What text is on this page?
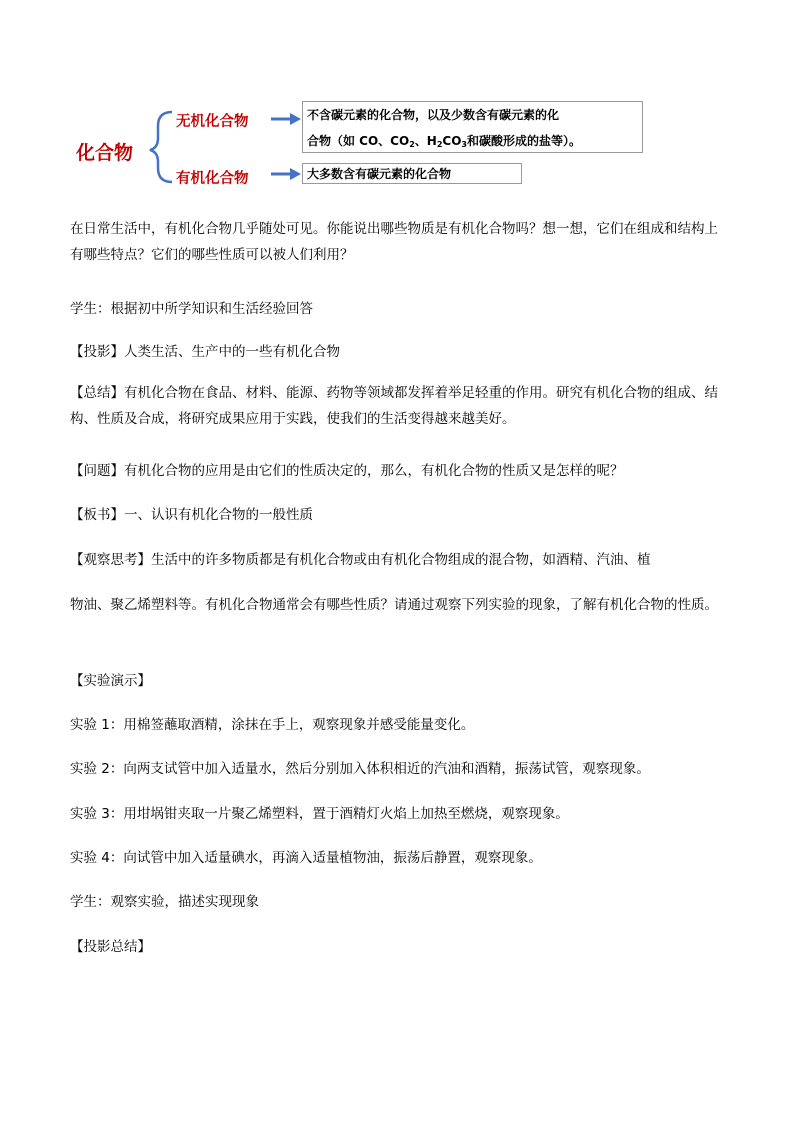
化合物
无机化合物
有机化合物
不含碳元素的化合物，以及少数含有碳元素的化
合物（如 CO、$CO_2$、$H_2CO_3$和碳酸形成的盐等）。
大多数含有碳元素的化合物
在日常生活中，有机化合物几乎随处可见。你能说出哪些物质是有机化合物吗？想一想，它们在组成和结构上有哪些特点？它们的哪些性质可以被人们利用？
学生：根据初中所学知识和生活经验回答
【投影】人类生活、生产中的一些有机化合物
【总结】有机化合物在食品、材料、能源、药物等领域都发挥着举足轻重的作用。研究有机化合物的组成、结构、性质及合成，将研究成果应用于实践，使我们的生活变得越来越美好。
【问题】有机化合物的应用是由它们的性质决定的，那么，有机化合物的性质又是怎样的呢？
【板书】一、认识有机化合物的一般性质
【观察思考】生活中的许多物质都是有机化合物或由有机化合物组成的混合物，如酒精、汽油、植
物油、聚乙烯塑料等。有机化合物通常会有哪些性质？请通过观察下列实验的现象，了解有机化合物的性质。
【实验演示】
实验 1：用棉签蘸取酒精，涂抹在手上，观察现象并感受能量变化。
实验 2：向两支试管中加入适量水，然后分别加入体积相近的汽油和酒精，振荡试管，观察现象。
实验 3：用坩埚钳夹取一片聚乙烯塑料，置于酒精灯火焰上加热至燃烧，观察现象。
实验 4：向试管中加入适量碘水，再滴入适量植物油，振荡后静置，观察现象。
学生：观察实验，描述实现现象
【投影总结】
